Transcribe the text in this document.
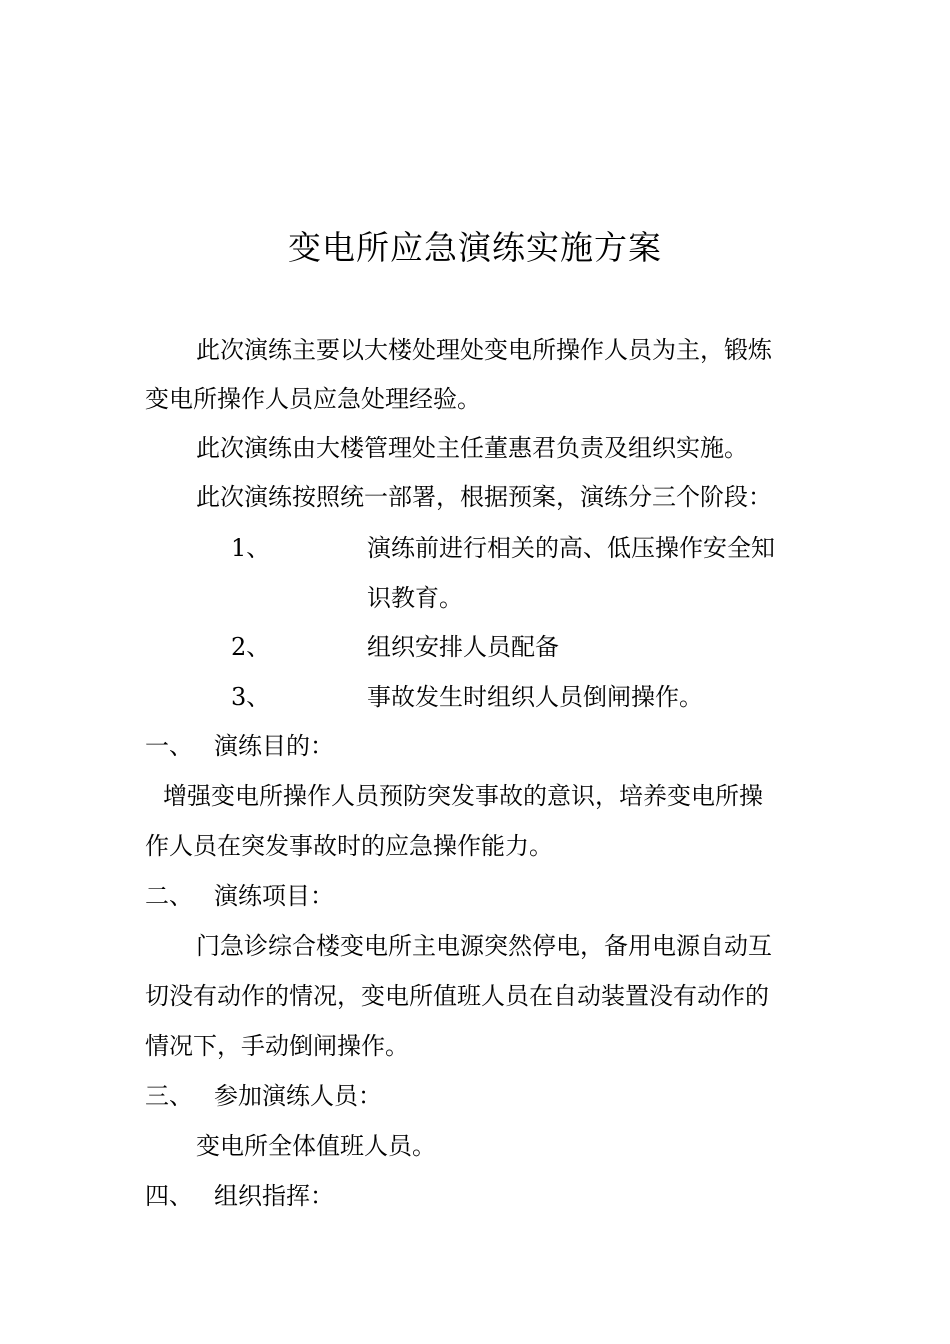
变电所应急演练实施方案
此次演练主要以大楼处理处变电所操作人员为主，锻炼
变电所操作人员应急处理经验。
此次演练由大楼管理处主任董惠君负责及组织实施。
此次演练按照统一部署，根据预案，演练分三个阶段：
1、	演练前进行相关的高、低压操作安全知
识教育。
2、	组织安排人员配备
3、	事故发生时组织人员倒闸操作。
一、 演练目的：
增强变电所操作人员预防突发事故的意识，培养变电所操
作人员在突发事故时的应急操作能力。
二、 演练项目：
门急诊综合楼变电所主电源突然停电，备用电源自动互
切没有动作的情况，变电所值班人员在自动装置没有动作的
情况下，手动倒闸操作。
三、 参加演练人员：
变电所全体值班人员。
四、 组织指挥：
